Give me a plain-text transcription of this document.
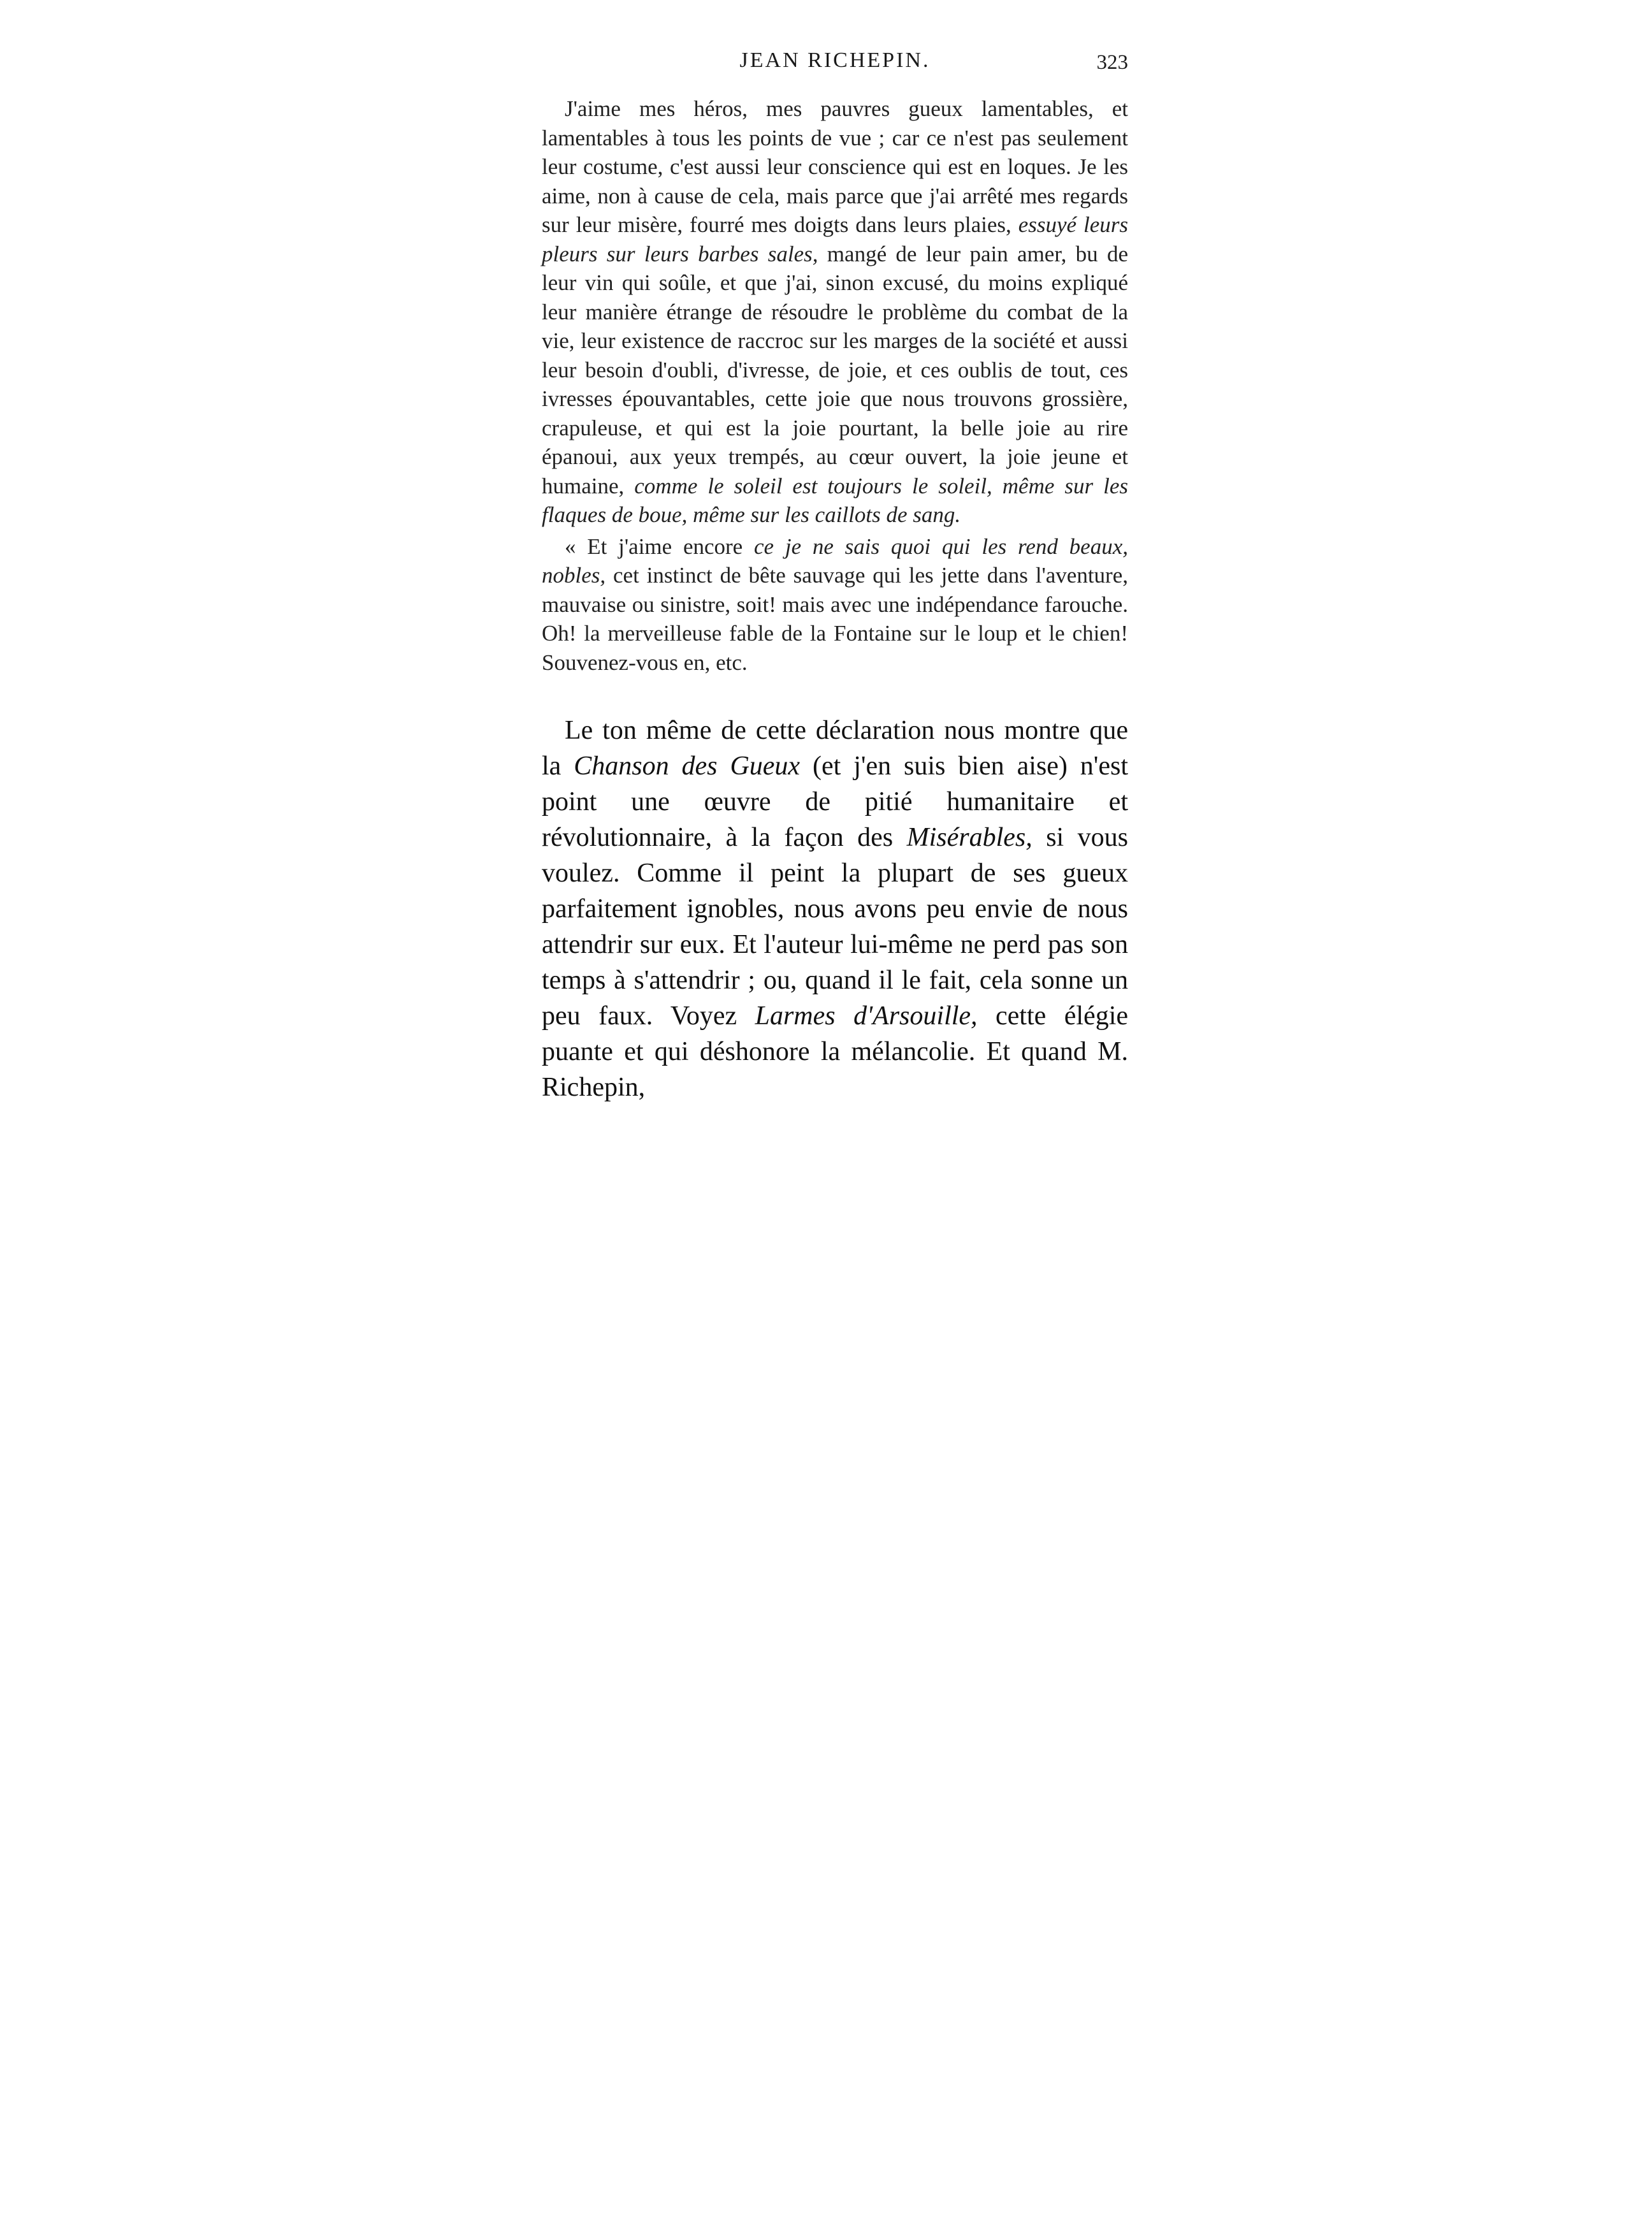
JEAN RICHEPIN.	323

J'aime mes héros, mes pauvres gueux lamentables, et lamentables à tous les points de vue ; car ce n'est pas seulement leur costume, c'est aussi leur conscience qui est en loques. Je les aime, non à cause de cela, mais parce que j'ai arrêté mes regards sur leur misère, fourré mes doigts dans leurs plaies, essuyé leurs pleurs sur leurs barbes sales, mangé de leur pain amer, bu de leur vin qui soûle, et que j'ai, sinon excusé, du moins expliqué leur manière étrange de résoudre le problème du combat de la vie, leur existence de raccroc sur les marges de la société et aussi leur besoin d'oubli, d'ivresse, de joie, et ces oublis de tout, ces ivresses épouvantables, cette joie que nous trouvons grossière, crapuleuse, et qui est la joie pourtant, la belle joie au rire épanoui, aux yeux trempés, au cœur ouvert, la joie jeune et humaine, comme le soleil est toujours le soleil, même sur les flaques de boue, même sur les caillots de sang.

« Et j'aime encore ce je ne sais quoi qui les rend beaux, nobles, cet instinct de bête sauvage qui les jette dans l'aventure, mauvaise ou sinistre, soit! mais avec une indépendance farouche. Oh! la merveilleuse fable de la Fontaine sur le loup et le chien! Souvenez-vous en, etc.

Le ton même de cette déclaration nous montre que la Chanson des Gueux (et j'en suis bien aise) n'est point une œuvre de pitié humanitaire et révolutionnaire, à la façon des Misérables, si vous voulez. Comme il peint la plupart de ses gueux parfaitement ignobles, nous avons peu envie de nous attendrir sur eux. Et l'auteur lui-même ne perd pas son temps à s'attendrir ; ou, quand il le fait, cela sonne un peu faux. Voyez Larmes d'Arsouille, cette élégie puante et qui déshonore la mélancolie. Et quand M. Richepin,
